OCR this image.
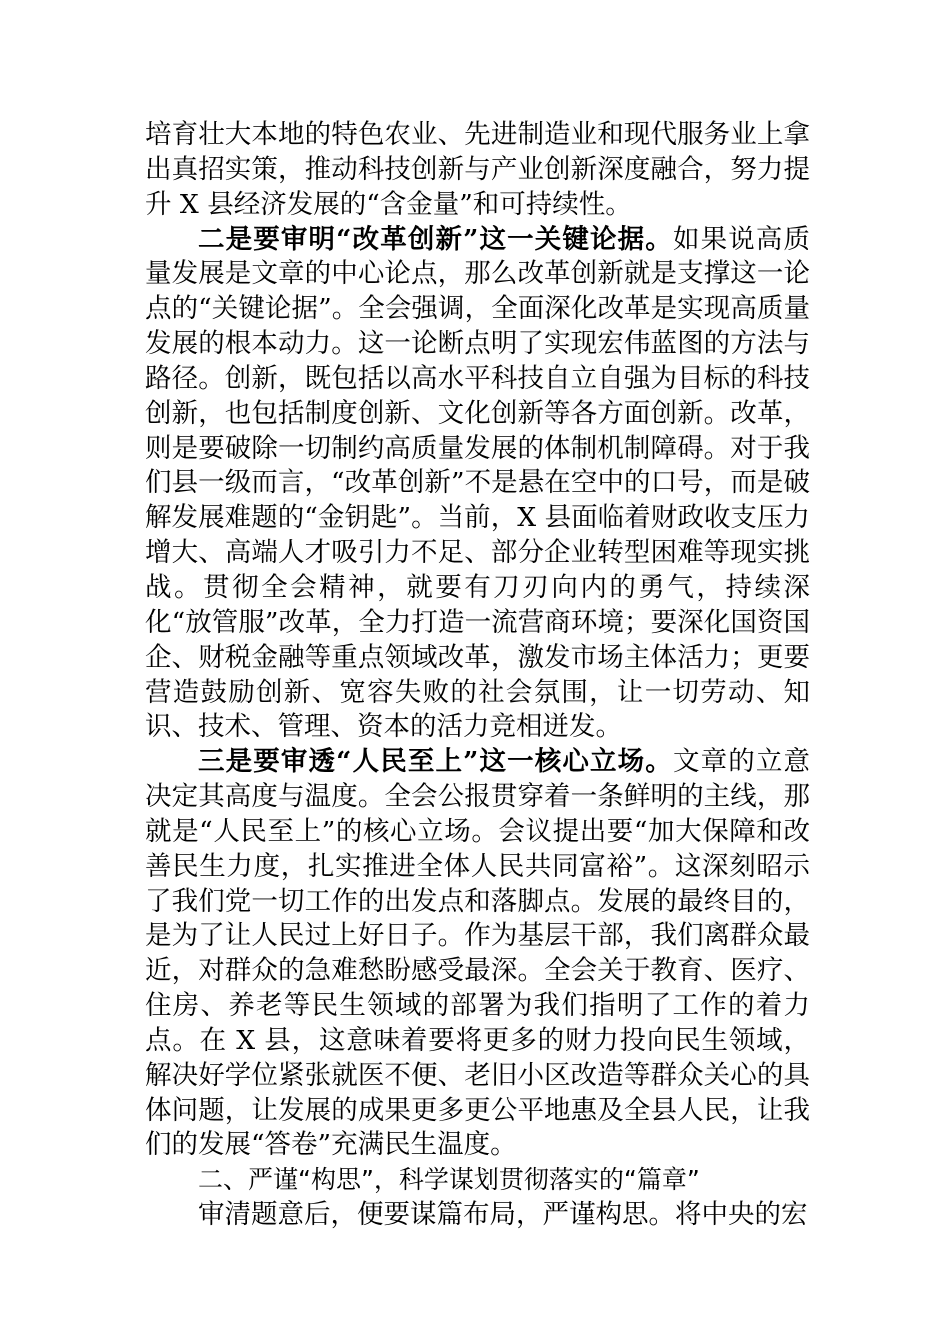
培育壮大本地的特色农业、先进制造业和现代服务业上拿出真招实策，推动科技创新与产业创新深度融合，努力提升 X 县经济发展的“含金量”和可持续性。

二是要审明“改革创新”这一关键论据。如果说高质量发展是文章的中心论点，那么改革创新就是支撑这一论点的“关键论据”。全会强调，全面深化改革是实现高质量发展的根本动力。这一论断点明了实现宏伟蓝图的方法与路径。创新，既包括以高水平科技自立自强为目标的科技创新，也包括制度创新、文化创新等各方面创新。改革，则是要破除一切制约高质量发展的体制机制障碍。对于我们县一级而言，“改革创新”不是悬在空中的口号，而是破解发展难题的“金钥匙”。当前，X 县面临着财政收支压力增大、高端人才吸引力不足、部分企业转型困难等现实挑战。贯彻全会精神，就要有刀刃向内的勇气，持续深化“放管服”改革，全力打造一流营商环境；要深化国资国企、财税金融等重点领域改革，激发市场主体活力；更要营造鼓励创新、宽容失败的社会氛围，让一切劳动、知识、技术、管理、资本的活力竞相迸发。

三是要审透“人民至上”这一核心立场。文章的立意决定其高度与温度。全会公报贯穿着一条鲜明的主线，那就是“人民至上”的核心立场。会议提出要“加大保障和改善民生力度，扎实推进全体人民共同富裕”。这深刻昭示了我们党一切工作的出发点和落脚点。发展的最终目的，是为了让人民过上好日子。作为基层干部，我们离群众最近，对群众的急难愁盼感受最深。全会关于教育、医疗、住房、养老等民生领域的部署为我们指明了工作的着力点。在 X 县，这意味着要将更多的财力投向民生领域，解决好学位紧张就医不便、老旧小区改造等群众关心的具体问题，让发展的成果更多更公平地惠及全县人民，让我们的发展“答卷”充满民生温度。

二、严谨“构思”，科学谋划贯彻落实的“篇章”

审清题意后，便要谋篇布局，严谨构思。将中央的宏
